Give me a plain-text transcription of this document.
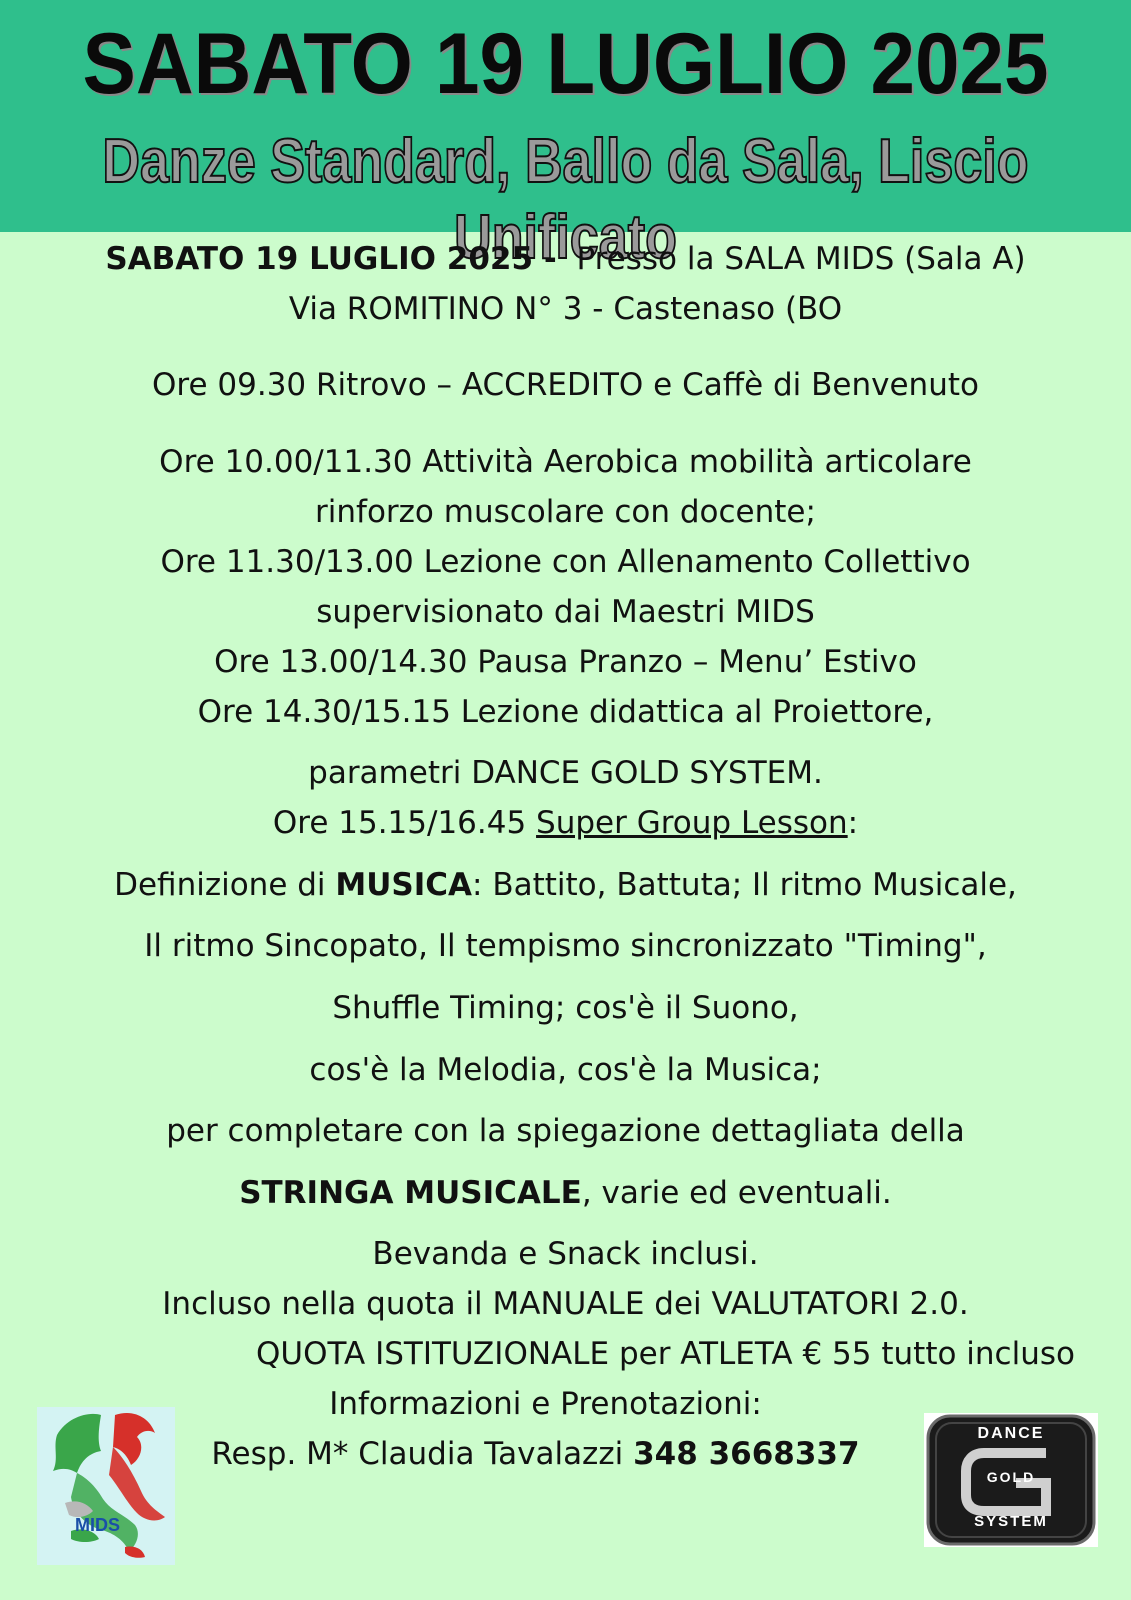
SABATO 19 LUGLIO 2025
Danze Standard, Ballo da Sala, Liscio Unificato
SABATO 19 LUGLIO 2025 - Presso la SALA MIDS (Sala A)
Via ROMITINO N° 3 - Castenaso (BO
Ore 09.30 Ritrovo – ACCREDITO e Caffè di Benvenuto
Ore 10.00/11.30 Attività Aerobica mobilità articolare
rinforzo muscolare con docente;
Ore 11.30/13.00 Lezione con Allenamento Collettivo
supervisionato dai Maestri MIDS
Ore 13.00/14.30 Pausa Pranzo – Menu’ Estivo
Ore 14.30/15.15 Lezione didattica al Proiettore,
parametri DANCE GOLD SYSTEM.
Ore 15.15/16.45 Super Group Lesson:
Definizione di MUSICA: Battito, Battuta; Il ritmo Musicale,
Il ritmo Sincopato, Il tempismo sincronizzato "Timing",
Shuffle Timing; cos'è il Suono,
cos'è la Melodia, cos'è la Musica;
per completare con la spiegazione dettagliata della
STRINGA MUSICALE, varie ed eventuali.
Bevanda e Snack inclusi.
Incluso nella quota il MANUALE dei VALUTATORI 2.0.
QUOTA ISTITUZIONALE per ATLETA € 55 tutto incluso
Informazioni e Prenotazioni:
Resp. M* Claudia Tavalazzi 348 3668337
MIDS
DANCE
GOLD
SYSTEM
